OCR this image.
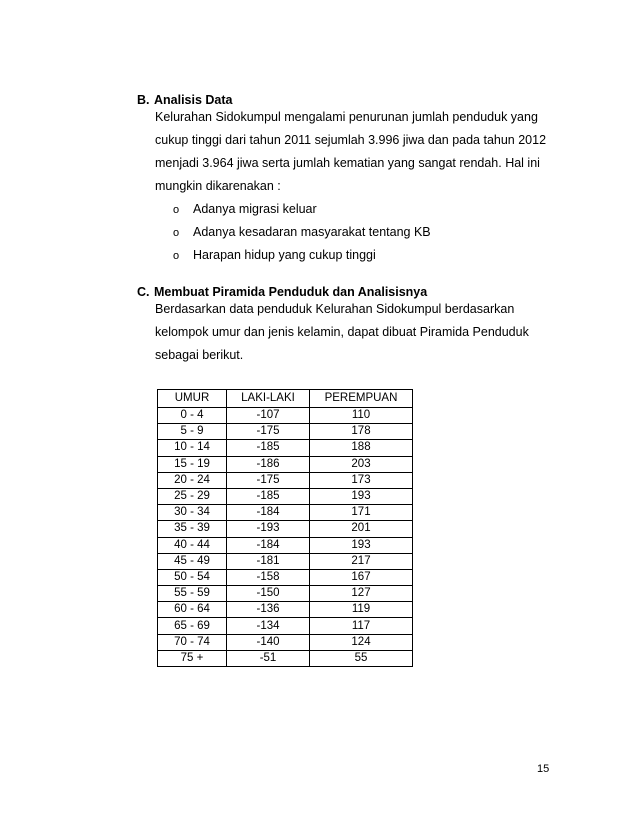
B. Analisis Data
Kelurahan Sidokumpul mengalami penurunan jumlah penduduk yang
cukup tinggi dari tahun 2011 sejumlah 3.996 jiwa dan pada tahun 2012
menjadi 3.964 jiwa serta jumlah kematian yang sangat rendah. Hal ini
mungkin dikarenakan :
o Adanya migrasi keluar
o Adanya kesadaran masyarakat tentang KB
o Harapan hidup yang cukup tinggi
C. Membuat Piramida Penduduk dan Analisisnya
Berdasarkan data penduduk Kelurahan Sidokumpul berdasarkan
kelompok umur dan jenis kelamin, dapat dibuat Piramida Penduduk
sebagai berikut.
UMUR	LAKI-LAKI	PEREMPUAN
0 - 4	-107	110
5 - 9	-175	178
10 - 14	-185	188
15 - 19	-186	203
20 - 24	-175	173
25 - 29	-185	193
30 - 34	-184	171
35 - 39	-193	201
40 - 44	-184	193
45 - 49	-181	217
50 - 54	-158	167
55 - 59	-150	127
60 - 64	-136	119
65 - 69	-134	117
70 - 74	-140	124
75 +	-51	55
15
